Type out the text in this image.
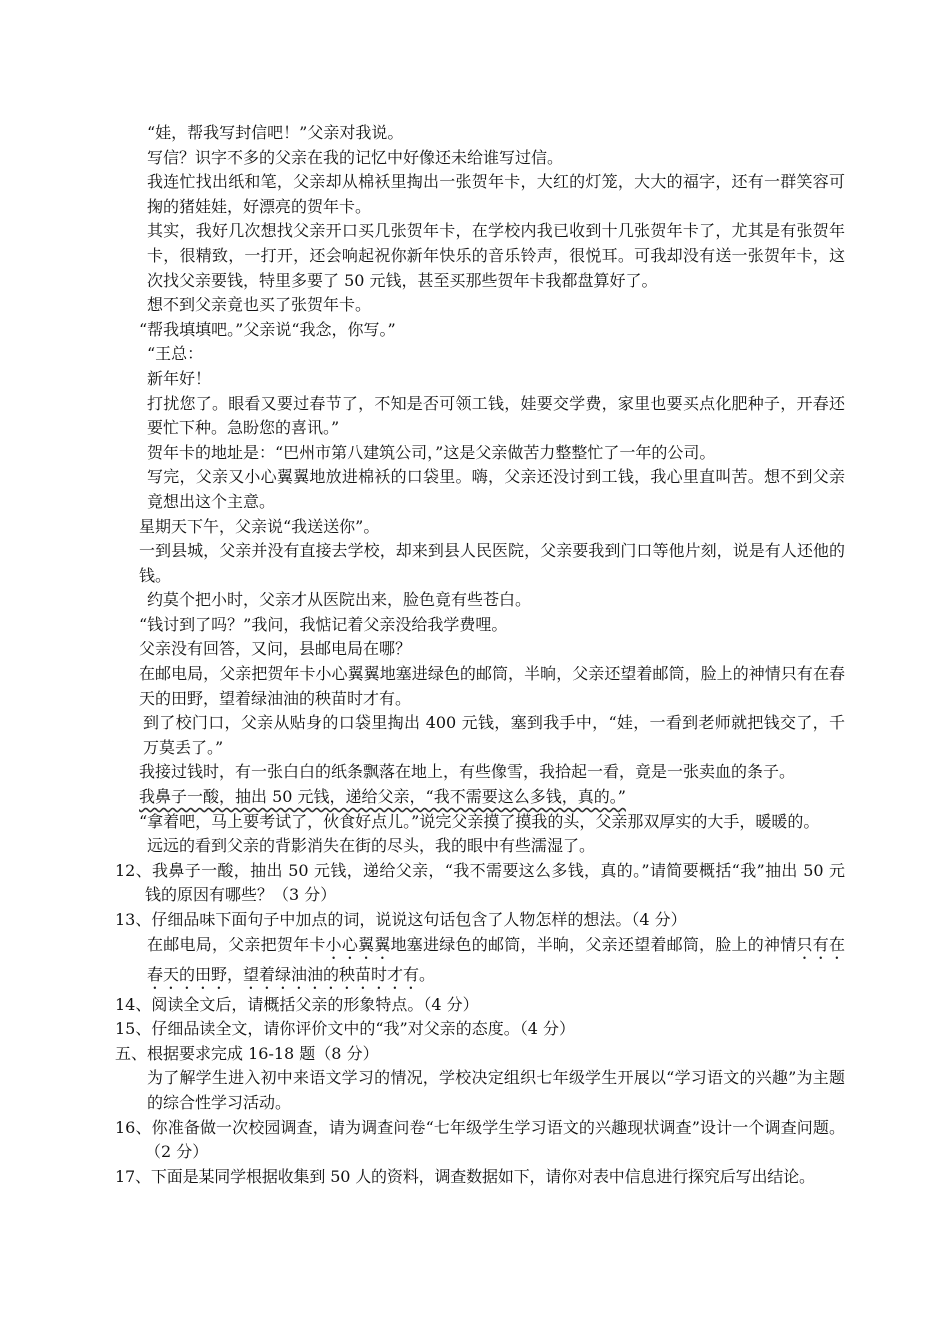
“娃，帮我写封信吧！”父亲对我说。

写信？识字不多的父亲在我的记忆中好像还未给谁写过信。

我连忙找出纸和笔，父亲却从棉袄里掏出一张贺年卡，大红的灯笼，大大的福字，还有一群笑容可掬的猪娃娃，好漂亮的贺年卡。

其实，我好几次想找父亲开口买几张贺年卡，在学校内我已收到十几张贺年卡了，尤其是有张贺年卡，很精致，一打开，还会响起祝你新年快乐的音乐铃声，很悦耳。可我却没有送一张贺年卡，这次找父亲要钱，特里多要了 50 元钱，甚至买那些贺年卡我都盘算好了。

想不到父亲竟也买了张贺年卡。

“帮我填填吧。”父亲说“我念，你写。”

“王总：

新年好！

打扰您了。眼看又要过春节了，不知是否可领工钱，娃要交学费，家里也要买点化肥种子，开春还要忙下种。急盼您的喜讯。”

贺年卡的地址是：“巴州市第八建筑公司，”这是父亲做苦力整整忙了一年的公司。

写完，父亲又小心翼翼地放进棉袄的口袋里。嗨，父亲还没讨到工钱，我心里直叫苦。想不到父亲竟想出这个主意。

星期天下午，父亲说“我送送你”。

一到县城，父亲并没有直接去学校，却来到县人民医院，父亲要我到门口等他片刻，说是有人还他的钱。

约莫个把小时，父亲才从医院出来，脸色竟有些苍白。

“钱讨到了吗？”我问，我惦记着父亲没给我学费哩。

父亲没有回答，又问，县邮电局在哪？

在邮电局，父亲把贺年卡小心翼翼地塞进绿色的邮筒，半晌，父亲还望着邮筒，脸上的神情只有在春天的田野，望着绿油油的秧苗时才有。

到了校门口，父亲从贴身的口袋里掏出 400 元钱，塞到我手中，“娃，一看到老师就把钱交了，千万莫丢了。”

我接过钱时，有一张白白的纸条飘落在地上，有些像雪，我拾起一看，竟是一张卖血的条子。

我鼻子一酸，抽出 50 元钱，递给父亲，“我不需要这么多钱，真的。”

“拿着吧，马上要考试了，伙食好点儿。”说完父亲摸了摸我的头，父亲那双厚实的大手，暖暖的。

远远的看到父亲的背影消失在街的尽头，我的眼中有些濡湿了。

12、我鼻子一酸，抽出 50 元钱，递给父亲，“我不需要这么多钱，真的。”请简要概括“我”抽出 50 元钱的原因有哪些？（3 分）

13、仔细品味下面句子中加点的词，说说这句话包含了人物怎样的想法。（4 分）

在邮电局，父亲把贺年卡小心翼翼地塞进绿色的邮筒，半晌，父亲还望着邮筒，脸上的神情只有在春天的田野，望着绿油油的秧苗时才有。

14、阅读全文后，请概括父亲的形象特点。（4 分）

15、仔细品读全文，请你评价文中的“我”对父亲的态度。（4 分）

五、根据要求完成 16-18 题（8 分）

为了解学生进入初中来语文学习的情况，学校决定组织七年级学生开展以“学习语文的兴趣”为主题的综合性学习活动。

16、你准备做一次校园调查，请为调查问卷“七年级学生学习语文的兴趣现状调查”设计一个调查问题。（2 分）

17、下面是某同学根据收集到 50 人的资料，调查数据如下，请你对表中信息进行探究后写出结论。
